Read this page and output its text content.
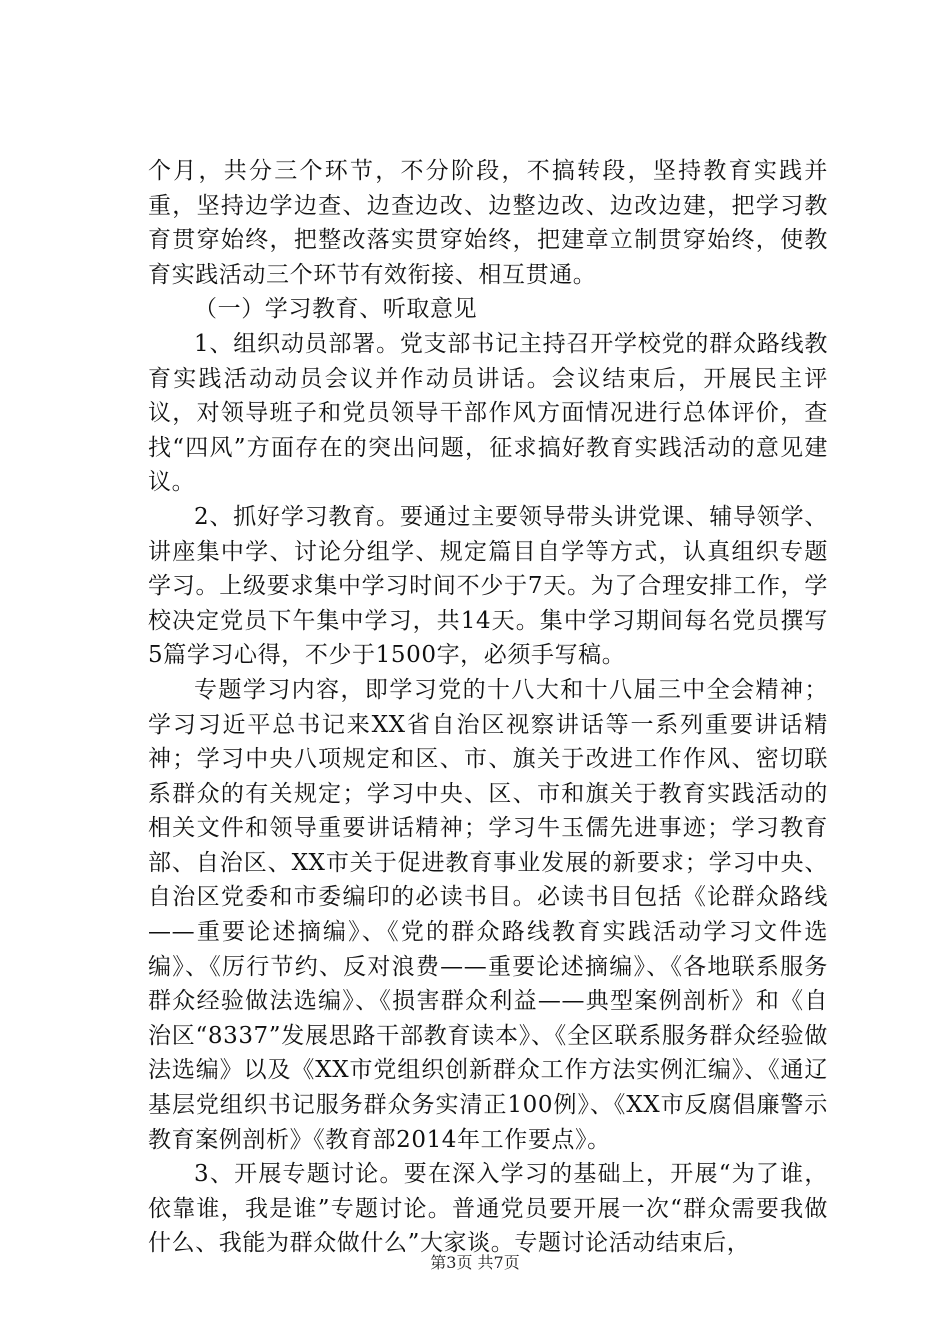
个月，共分三个环节，不分阶段，不搞转段，坚持教育实践并重，坚持边学边查、边查边改、边整边改、边改边建，把学习教育贯穿始终，把整改落实贯穿始终，把建章立制贯穿始终，使教育实践活动三个环节有效衔接、相互贯通。

（一）学习教育、听取意见

1、组织动员部署。党支部书记主持召开学校党的群众路线教育实践活动动员会议并作动员讲话。会议结束后，开展民主评议，对领导班子和党员领导干部作风方面情况进行总体评价，查找“四风”方面存在的突出问题，征求搞好教育实践活动的意见建议。

2、抓好学习教育。要通过主要领导带头讲党课、辅导领学、讲座集中学、讨论分组学、规定篇目自学等方式，认真组织专题学习。上级要求集中学习时间不少于7天。为了合理安排工作，学校决定党员下午集中学习，共14天。集中学习期间每名党员撰写5篇学习心得，不少于1500字，必须手写稿。

专题学习内容，即学习党的十八大和十八届三中全会精神；学习习近平总书记来XX省自治区视察讲话等一系列重要讲话精神；学习中央八项规定和区、市、旗关于改进工作作风、密切联系群众的有关规定；学习中央、区、市和旗关于教育实践活动的相关文件和领导重要讲话精神；学习牛玉儒先进事迹；学习教育部、自治区、XX市关于促进教育事业发展的新要求；学习中央、自治区党委和市委编印的必读书目。必读书目包括《论群众路线——重要论述摘编》、《党的群众路线教育实践活动学习文件选编》、《厉行节约、反对浪费——重要论述摘编》、《各地联系服务群众经验做法选编》、《损害群众利益——典型案例剖析》和《自治区“8337”发展思路干部教育读本》、《全区联系服务群众经验做法选编》以及《XX市党组织创新群众工作方法实例汇编》、《通辽基层党组织书记服务群众务实清正100例》、《XX市反腐倡廉警示教育案例剖析》《教育部2014年工作要点》。

3、开展专题讨论。要在深入学习的基础上，开展“为了谁，依靠谁，我是谁”专题讨论。普通党员要开展一次“群众需要我做什么、我能为群众做什么”大家谈。专题讨论活动结束后，

第3页 共7页
